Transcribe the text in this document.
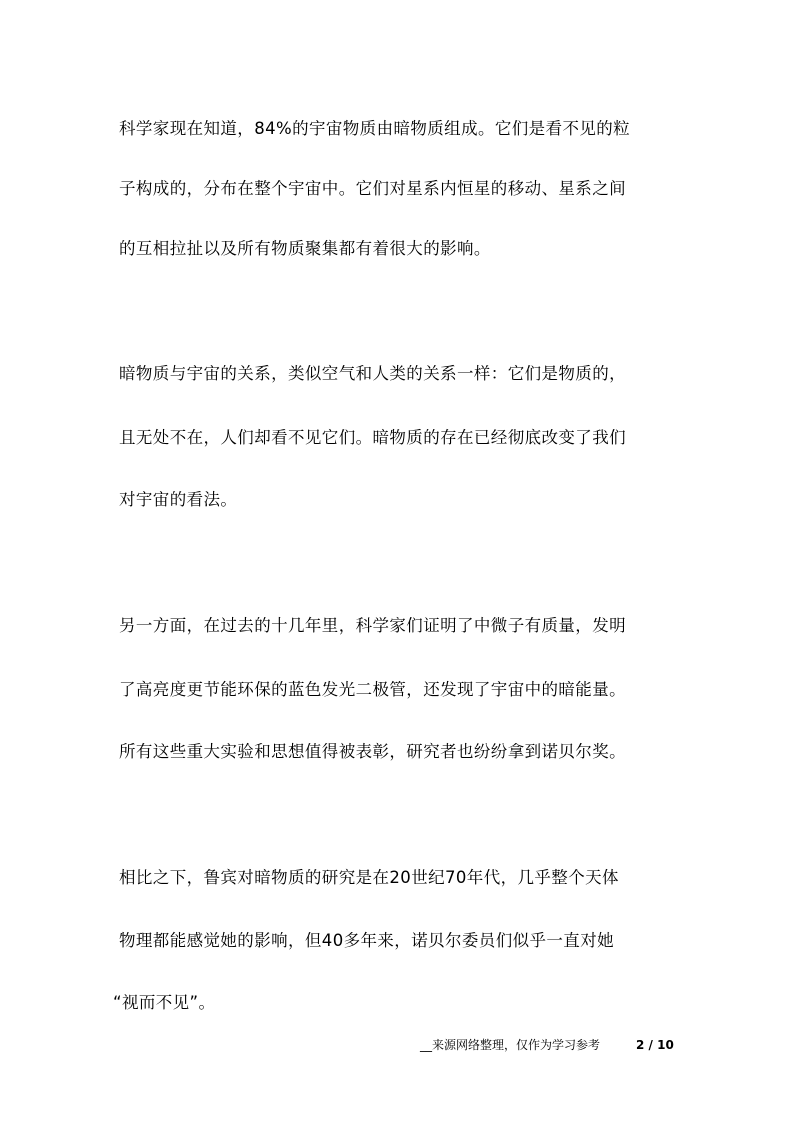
科学家现在知道，84%的宇宙物质由暗物质组成。它们是看不见的粒
子构成的，分布在整个宇宙中。它们对星系内恒星的移动、星系之间
的互相拉扯以及所有物质聚集都有着很大的影响。
暗物质与宇宙的关系，类似空气和人类的关系一样：它们是物质的，
且无处不在，人们却看不见它们。暗物质的存在已经彻底改变了我们
对宇宙的看法。
另一方面，在过去的十几年里，科学家们证明了中微子有质量，发明
了高亮度更节能环保的蓝色发光二极管，还发现了宇宙中的暗能量。
所有这些重大实验和思想值得被表彰，研究者也纷纷拿到诺贝尔奖。
相比之下，鲁宾对暗物质的研究是在20世纪70年代，几乎整个天体
物理都能感觉她的影响，但40多年来，诺贝尔委员们似乎一直对她
“视而不见”。
__来源网络整理，仅作为学习参考	2 / 10
